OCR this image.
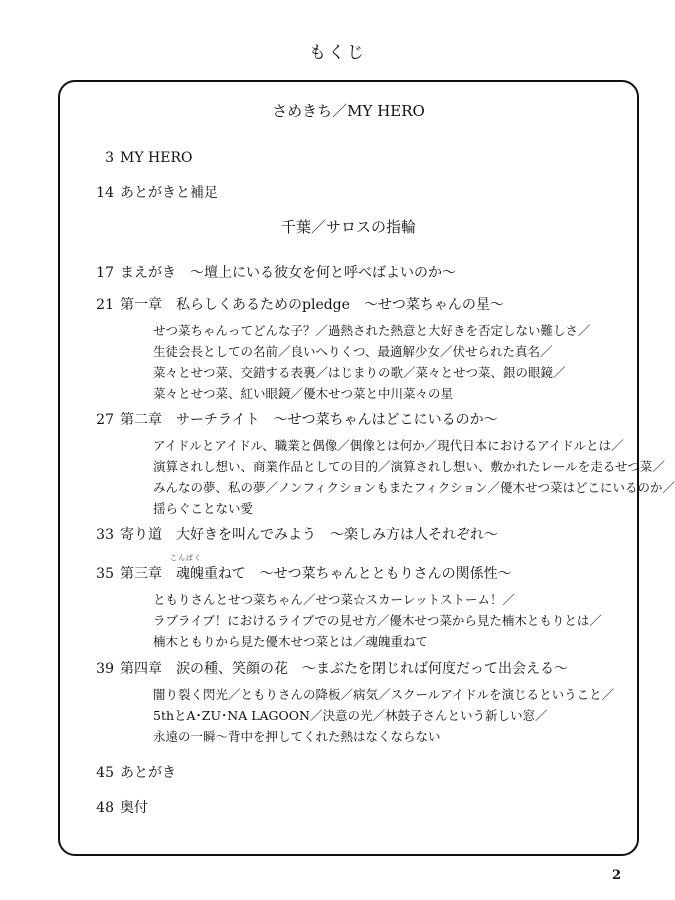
もくじ
さめきち／MY HERO
3 MY HERO
14 あとがきと補足
千葉／サロスの指輪
17 まえがき　～壇上にいる彼女を何と呼べばよいのか～
21 第一章　私らしくあるためのpledge　～せつ菜ちゃんの星～
せつ菜ちゃんってどんな子？／過熱された熱意と大好きを否定しない難しさ／
生徒会長としての名前／良いへりくつ、最適解少女／伏せられた真名／
菜々とせつ菜、交錯する表裏／はじまりの歌／菜々とせつ菜、銀の眼鏡／
菜々とせつ菜、紅い眼鏡／優木せつ菜と中川菜々の星
27 第二章　サーチライト　～せつ菜ちゃんはどこにいるのか～
アイドルとアイドル、職業と偶像／偶像とは何か／現代日本におけるアイドルとは／
演算されし想い、商業作品としての目的／演算されし想い、敷かれたレールを走るせつ菜／
みんなの夢、私の夢／ノンフィクションもまたフィクション／優木せつ菜はどこにいるのか／
揺らぐことない愛
33 寄り道　大好きを叫んでみよう　～楽しみ方は人それぞれ～
こんぱく
35 第三章　魂魄重ねて　～せつ菜ちゃんとともりさんの関係性～
ともりさんとせつ菜ちゃん／せつ菜☆スカーレットストーム！／
ラブライブ！におけるライブでの見せ方／優木せつ菜から見た楠木ともりとは／
楠木ともりから見た優木せつ菜とは／魂魄重ねて
39 第四章　涙の種、笑顔の花　～まぶたを閉じれば何度だって出会える～
闇り裂く閃光／ともりさんの降板／病気／スクールアイドルを演じるということ／
5thとA･ZU･NA LAGOON／決意の光／林鼓子さんという新しい窓／
永遠の一瞬～背中を押してくれた熱はなくならない
45 あとがき
48 奥付
2
